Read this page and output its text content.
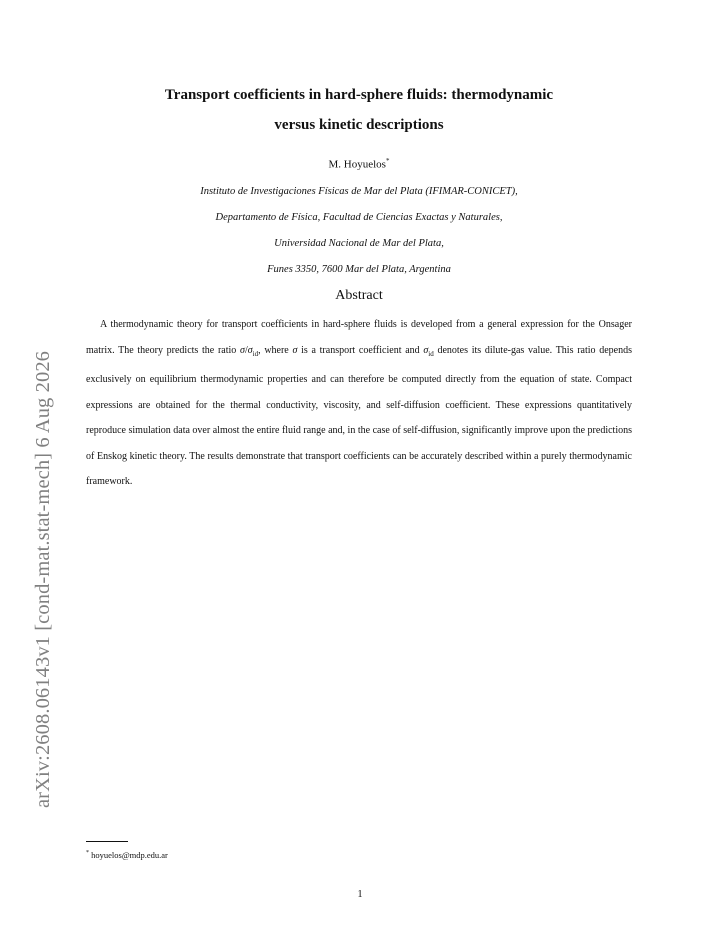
arXiv:2608.06143v1 [cond-mat.stat-mech] 6 Aug 2026
Transport coefficients in hard-sphere fluids: thermodynamic
versus kinetic descriptions
M. Hoyuelos*
Instituto de Investigaciones Físicas de Mar del Plata (IFIMAR-CONICET),
Departamento de Física, Facultad de Ciencias Exactas y Naturales,
Universidad Nacional de Mar del Plata,
Funes 3350, 7600 Mar del Plata, Argentina
Abstract
A thermodynamic theory for transport coefficients in hard-sphere fluids is developed from a general expression for the Onsager matrix. The theory predicts the ratio $\sigma/\sigma_{id}$, where σ is a transport coefficient and $\sigma_{id}$ denotes its dilute-gas value. This ratio depends exclusively on equilibrium thermodynamic properties and can therefore be computed directly from the equation of state. Compact expressions are obtained for the thermal conductivity, viscosity, and self-diffusion coefficient. These expressions quantitatively reproduce simulation data over almost the entire fluid range and, in the case of self-diffusion, significantly improve upon the predictions of Enskog kinetic theory. The results demonstrate that transport coefficients can be accurately described within a purely thermodynamic framework.
* hoyuelos@mdp.edu.ar
1
